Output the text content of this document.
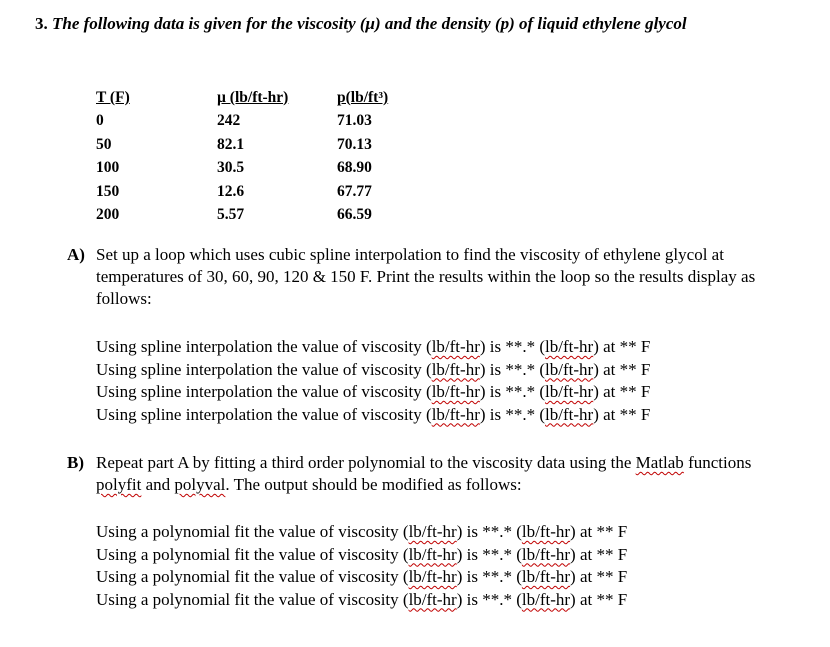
3. The following data is given for the viscosity (μ) and the density (p) of liquid ethylene glycol
T (F)	µ (lb/ft-hr)	p(lb/ft³)
0	242	71.03
50	82.1	70.13
100	30.5	68.90
150	12.6	67.77
200	5.57	66.59
A) Set up a loop which uses cubic spline interpolation to find the viscosity of ethylene glycol at temperatures of 30, 60, 90, 120 & 150 F. Print the results within the loop so the results display as follows:
Using spline interpolation the value of viscosity (lb/ft-hr) is **.* (lb/ft-hr) at ** F
Using spline interpolation the value of viscosity (lb/ft-hr) is **.* (lb/ft-hr) at ** F
Using spline interpolation the value of viscosity (lb/ft-hr) is **.* (lb/ft-hr) at ** F
Using spline interpolation the value of viscosity (lb/ft-hr) is **.* (lb/ft-hr) at ** F
B) Repeat part A by fitting a third order polynomial to the viscosity data using the Matlab functions polyfit and polyval. The output should be modified as follows:
Using a polynomial fit the value of viscosity (lb/ft-hr) is **.* (lb/ft-hr) at ** F
Using a polynomial fit the value of viscosity (lb/ft-hr) is **.* (lb/ft-hr) at ** F
Using a polynomial fit the value of viscosity (lb/ft-hr) is **.* (lb/ft-hr) at ** F
Using a polynomial fit the value of viscosity (lb/ft-hr) is **.* (lb/ft-hr) at ** F
